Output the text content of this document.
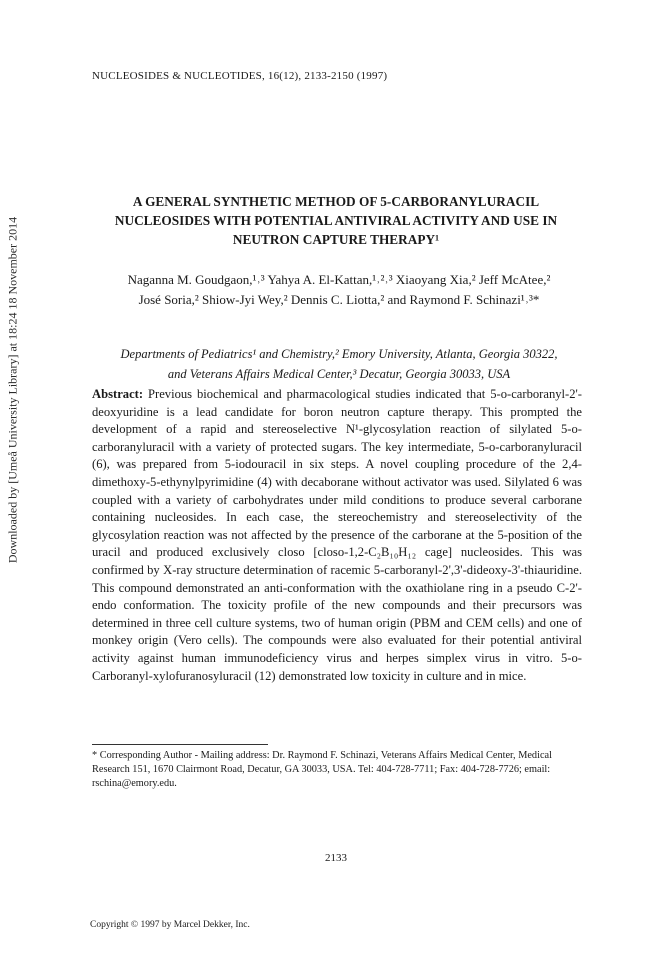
NUCLEOSIDES & NUCLEOTIDES, 16(12), 2133-2150 (1997)
Downloaded by [Umeå University Library] at 18:24 18 November 2014
A GENERAL SYNTHETIC METHOD OF 5-CARBORANYLURACIL NUCLEOSIDES WITH POTENTIAL ANTIVIRAL ACTIVITY AND USE IN NEUTRON CAPTURE THERAPY¹
Naganna M. Goudgaon,¹˒³ Yahya A. El-Kattan,¹˒²˒³ Xiaoyang Xia,² Jeff McAtee,²
José Soria,² Shiow-Jyi Wey,² Dennis C. Liotta,² and Raymond F. Schinazi¹˒³*
Departments of Pediatrics¹ and Chemistry,² Emory University, Atlanta, Georgia 30322,
and Veterans Affairs Medical Center,³ Decatur, Georgia 30033, USA
Abstract: Previous biochemical and pharmacological studies indicated that 5-o-carboranyl-2'-deoxyuridine is a lead candidate for boron neutron capture therapy. This prompted the development of a rapid and stereoselective N¹-glycosylation reaction of silylated 5-o-carboranyluracil with a variety of protected sugars. The key intermediate, 5-o-carboranyluracil (6), was prepared from 5-iodouracil in six steps. A novel coupling procedure of the 2,4-dimethoxy-5-ethynylpyrimidine (4) with decaborane without activator was used. Silylated 6 was coupled with a variety of carbohydrates under mild conditions to produce several carborane containing nucleosides. In each case, the stereochemistry and stereoselectivity of the glycosylation reaction was not affected by the presence of the carborane at the 5-position of the uracil and produced exclusively closo [closo-1,2-C₂B₁₀H₁₂ cage] nucleosides. This was confirmed by X-ray structure determination of racemic 5-carboranyl-2',3'-dideoxy-3'-thiauridine. This compound demonstrated an anti-conformation with the oxathiolane ring in a pseudo C-2'-endo conformation. The toxicity profile of the new compounds and their precursors was determined in three cell culture systems, two of human origin (PBM and CEM cells) and one of monkey origin (Vero cells). The compounds were also evaluated for their potential antiviral activity against human immunodeficiency virus and herpes simplex virus in vitro. 5-o-Carboranyl-xylofuranosyluracil (12) demonstrated low toxicity in culture and in mice.
* Corresponding Author - Mailing address: Dr. Raymond F. Schinazi, Veterans Affairs Medical Center, Medical Research 151, 1670 Clairmont Road, Decatur, GA 30033, USA. Tel: 404-728-7711; Fax: 404-728-7726; email: rschina@emory.edu.
2133
Copyright © 1997 by Marcel Dekker, Inc.
